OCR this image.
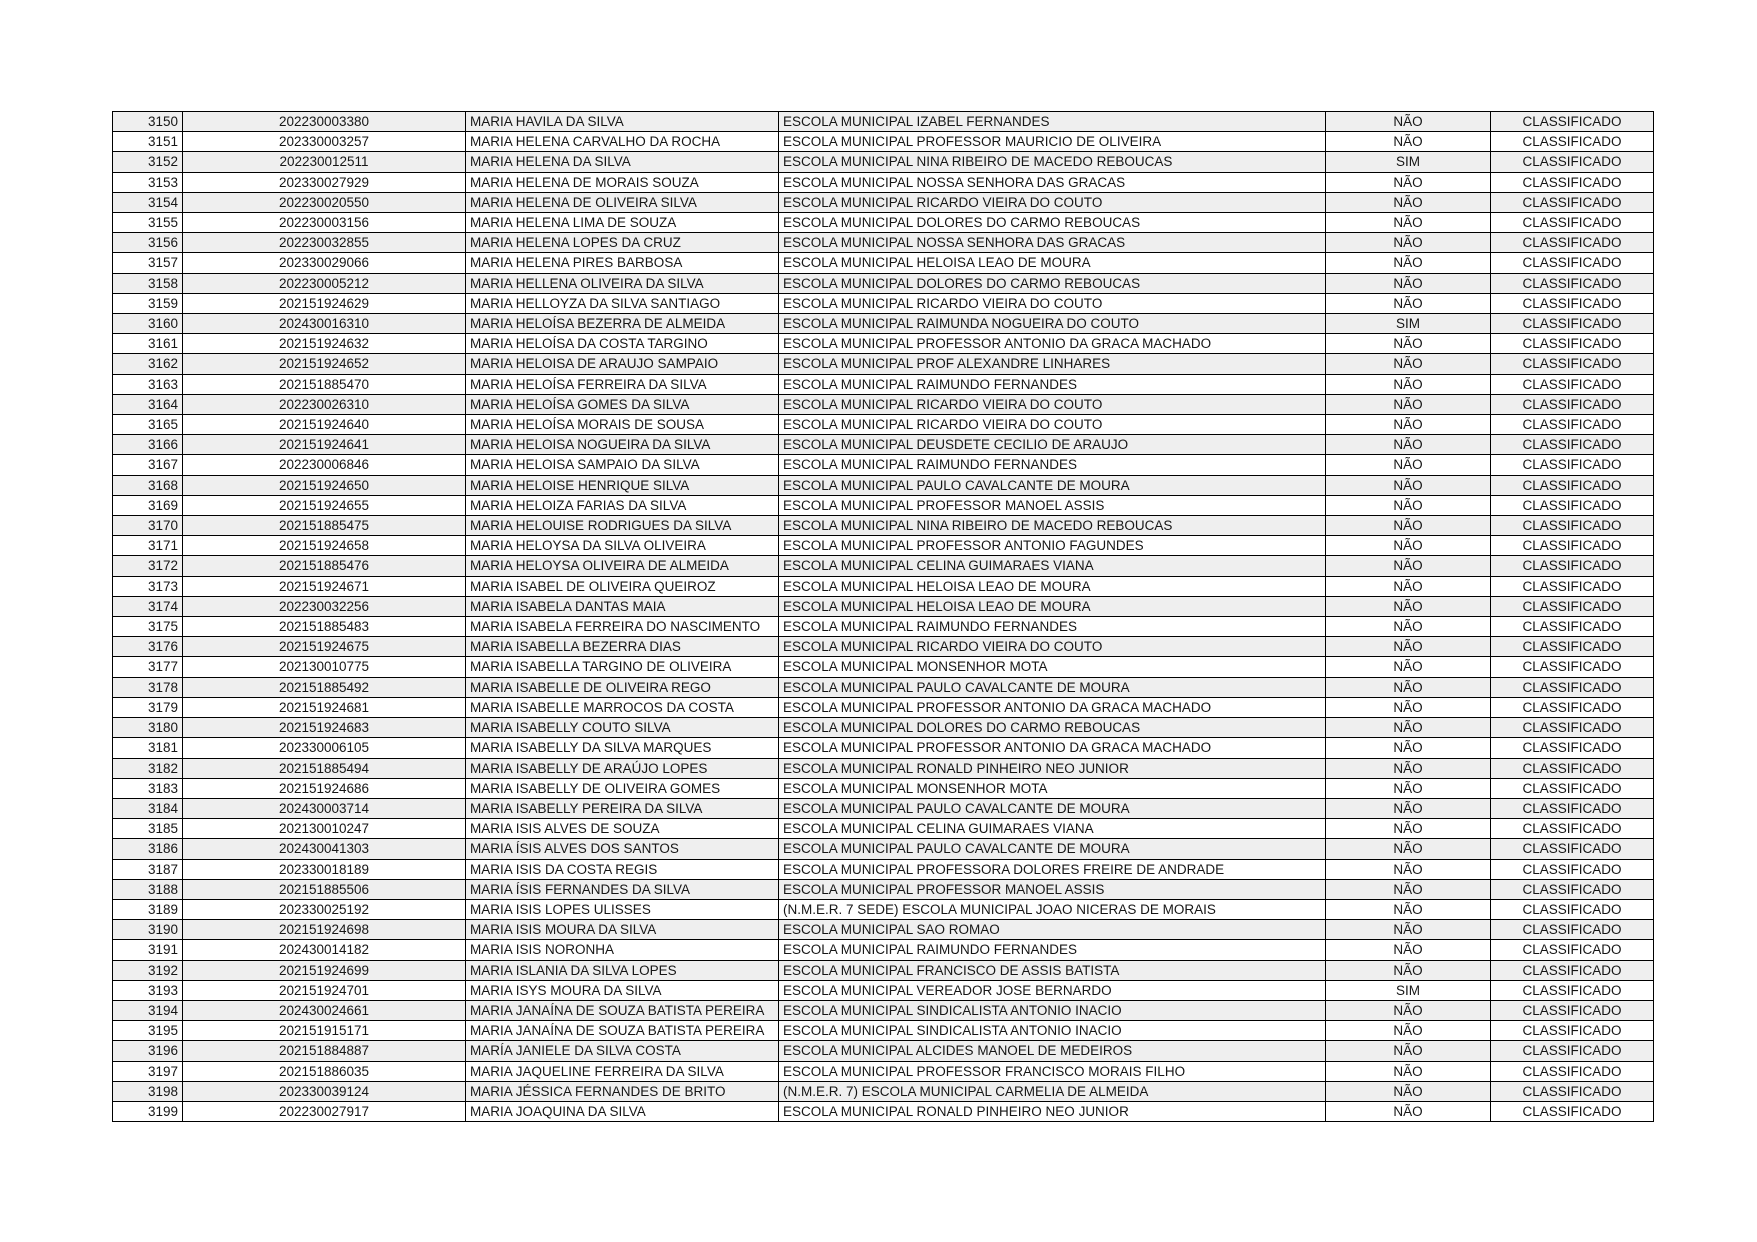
3150	202230003380	MARIA HAVILA DA SILVA	ESCOLA MUNICIPAL IZABEL FERNANDES	NÃO	CLASSIFICADO
3151	202330003257	MARIA HELENA CARVALHO DA ROCHA	ESCOLA MUNICIPAL PROFESSOR MAURICIO DE OLIVEIRA	NÃO	CLASSIFICADO
3152	202230012511	MARIA HELENA DA SILVA	ESCOLA MUNICIPAL NINA RIBEIRO DE MACEDO REBOUCAS	SIM	CLASSIFICADO
3153	202330027929	MARIA HELENA DE MORAIS SOUZA	ESCOLA MUNICIPAL NOSSA SENHORA DAS GRACAS	NÃO	CLASSIFICADO
3154	202230020550	MARIA HELENA DE OLIVEIRA SILVA	ESCOLA MUNICIPAL RICARDO VIEIRA DO COUTO	NÃO	CLASSIFICADO
3155	202230003156	MARIA HELENA LIMA DE SOUZA	ESCOLA MUNICIPAL DOLORES DO CARMO REBOUCAS	NÃO	CLASSIFICADO
3156	202230032855	MARIA HELENA LOPES DA CRUZ	ESCOLA MUNICIPAL NOSSA SENHORA DAS GRACAS	NÃO	CLASSIFICADO
3157	202330029066	MARIA HELENA PIRES BARBOSA	ESCOLA MUNICIPAL HELOISA LEAO DE MOURA	NÃO	CLASSIFICADO
3158	202230005212	MARIA HELLENA OLIVEIRA DA SILVA	ESCOLA MUNICIPAL DOLORES DO CARMO REBOUCAS	NÃO	CLASSIFICADO
3159	202151924629	MARIA HELLOYZA DA SILVA SANTIAGO	ESCOLA MUNICIPAL RICARDO VIEIRA DO COUTO	NÃO	CLASSIFICADO
3160	202430016310	MARIA HELOÍSA BEZERRA DE ALMEIDA	ESCOLA MUNICIPAL RAIMUNDA NOGUEIRA DO COUTO	SIM	CLASSIFICADO
3161	202151924632	MARIA HELOÍSA DA COSTA TARGINO	ESCOLA MUNICIPAL PROFESSOR ANTONIO DA GRACA MACHADO	NÃO	CLASSIFICADO
3162	202151924652	MARIA HELOISA DE ARAUJO SAMPAIO	ESCOLA MUNICIPAL PROF ALEXANDRE LINHARES	NÃO	CLASSIFICADO
3163	202151885470	MARIA HELOÍSA FERREIRA DA SILVA	ESCOLA MUNICIPAL RAIMUNDO FERNANDES	NÃO	CLASSIFICADO
3164	202230026310	MARIA HELOÍSA GOMES DA SILVA	ESCOLA MUNICIPAL RICARDO VIEIRA DO COUTO	NÃO	CLASSIFICADO
3165	202151924640	MARIA HELOÍSA MORAIS DE SOUSA	ESCOLA MUNICIPAL RICARDO VIEIRA DO COUTO	NÃO	CLASSIFICADO
3166	202151924641	MARIA HELOISA NOGUEIRA DA SILVA	ESCOLA MUNICIPAL DEUSDETE CECILIO DE ARAUJO	NÃO	CLASSIFICADO
3167	202230006846	MARIA HELOISA SAMPAIO DA SILVA	ESCOLA MUNICIPAL RAIMUNDO FERNANDES	NÃO	CLASSIFICADO
3168	202151924650	MARIA HELOISE HENRIQUE SILVA	ESCOLA MUNICIPAL PAULO CAVALCANTE DE MOURA	NÃO	CLASSIFICADO
3169	202151924655	MARIA HELOIZA FARIAS DA SILVA	ESCOLA MUNICIPAL PROFESSOR MANOEL ASSIS	NÃO	CLASSIFICADO
3170	202151885475	MARIA HELOUISE RODRIGUES DA SILVA	ESCOLA MUNICIPAL NINA RIBEIRO DE MACEDO REBOUCAS	NÃO	CLASSIFICADO
3171	202151924658	MARIA HELOYSA DA SILVA OLIVEIRA	ESCOLA MUNICIPAL PROFESSOR ANTONIO FAGUNDES	NÃO	CLASSIFICADO
3172	202151885476	MARIA HELOYSA OLIVEIRA DE ALMEIDA	ESCOLA MUNICIPAL CELINA GUIMARAES VIANA	NÃO	CLASSIFICADO
3173	202151924671	MARIA ISABEL DE OLIVEIRA QUEIROZ	ESCOLA MUNICIPAL HELOISA LEAO DE MOURA	NÃO	CLASSIFICADO
3174	202230032256	MARIA ISABELA DANTAS MAIA	ESCOLA MUNICIPAL HELOISA LEAO DE MOURA	NÃO	CLASSIFICADO
3175	202151885483	MARIA ISABELA FERREIRA DO NASCIMENTO	ESCOLA MUNICIPAL RAIMUNDO FERNANDES	NÃO	CLASSIFICADO
3176	202151924675	MARIA ISABELLA BEZERRA DIAS	ESCOLA MUNICIPAL RICARDO VIEIRA DO COUTO	NÃO	CLASSIFICADO
3177	202130010775	MARIA ISABELLA TARGINO DE OLIVEIRA	ESCOLA MUNICIPAL MONSENHOR MOTA	NÃO	CLASSIFICADO
3178	202151885492	MARIA ISABELLE DE OLIVEIRA REGO	ESCOLA MUNICIPAL PAULO CAVALCANTE DE MOURA	NÃO	CLASSIFICADO
3179	202151924681	MARIA ISABELLE MARROCOS DA COSTA	ESCOLA MUNICIPAL PROFESSOR ANTONIO DA GRACA MACHADO	NÃO	CLASSIFICADO
3180	202151924683	MARIA ISABELLY COUTO SILVA	ESCOLA MUNICIPAL DOLORES DO CARMO REBOUCAS	NÃO	CLASSIFICADO
3181	202330006105	MARIA ISABELLY DA SILVA MARQUES	ESCOLA MUNICIPAL PROFESSOR ANTONIO DA GRACA MACHADO	NÃO	CLASSIFICADO
3182	202151885494	MARIA ISABELLY DE ARAÚJO LOPES	ESCOLA MUNICIPAL RONALD PINHEIRO NEO JUNIOR	NÃO	CLASSIFICADO
3183	202151924686	MARIA ISABELLY DE OLIVEIRA GOMES	ESCOLA MUNICIPAL MONSENHOR MOTA	NÃO	CLASSIFICADO
3184	202430003714	MARIA ISABELLY PEREIRA DA SILVA	ESCOLA MUNICIPAL PAULO CAVALCANTE DE MOURA	NÃO	CLASSIFICADO
3185	202130010247	MARIA ISIS ALVES DE SOUZA	ESCOLA MUNICIPAL CELINA GUIMARAES VIANA	NÃO	CLASSIFICADO
3186	202430041303	MARIA ÍSIS ALVES DOS SANTOS	ESCOLA MUNICIPAL PAULO CAVALCANTE DE MOURA	NÃO	CLASSIFICADO
3187	202330018189	MARIA ISIS DA COSTA REGIS	ESCOLA MUNICIPAL PROFESSORA DOLORES FREIRE DE ANDRADE	NÃO	CLASSIFICADO
3188	202151885506	MARIA ÍSIS FERNANDES DA SILVA	ESCOLA MUNICIPAL PROFESSOR MANOEL ASSIS	NÃO	CLASSIFICADO
3189	202330025192	MARIA ISIS LOPES ULISSES	(N.M.E.R. 7 SEDE) ESCOLA MUNICIPAL JOAO NICERAS DE MORAIS	NÃO	CLASSIFICADO
3190	202151924698	MARIA ISIS MOURA DA SILVA	ESCOLA MUNICIPAL SAO ROMAO	NÃO	CLASSIFICADO
3191	202430014182	MARIA ISIS NORONHA	ESCOLA MUNICIPAL RAIMUNDO FERNANDES	NÃO	CLASSIFICADO
3192	202151924699	MARIA ISLANIA DA SILVA LOPES	ESCOLA MUNICIPAL FRANCISCO DE ASSIS BATISTA	NÃO	CLASSIFICADO
3193	202151924701	MARIA ISYS MOURA DA SILVA	ESCOLA MUNICIPAL VEREADOR JOSE BERNARDO	SIM	CLASSIFICADO
3194	202430024661	MARIA JANAÍNA DE SOUZA BATISTA PEREIRA	ESCOLA MUNICIPAL SINDICALISTA ANTONIO INACIO	NÃO	CLASSIFICADO
3195	202151915171	MARIA JANAÍNA DE SOUZA BATISTA PEREIRA	ESCOLA MUNICIPAL SINDICALISTA ANTONIO INACIO	NÃO	CLASSIFICADO
3196	202151884887	MARÍA JANIELE DA SILVA COSTA	ESCOLA MUNICIPAL ALCIDES MANOEL DE MEDEIROS	NÃO	CLASSIFICADO
3197	202151886035	MARIA JAQUELINE FERREIRA DA SILVA	ESCOLA MUNICIPAL PROFESSOR FRANCISCO MORAIS FILHO	NÃO	CLASSIFICADO
3198	202330039124	MARIA JÉSSICA FERNANDES DE BRITO	(N.M.E.R. 7) ESCOLA MUNICIPAL CARMELIA DE ALMEIDA	NÃO	CLASSIFICADO
3199	202230027917	MARIA JOAQUINA DA SILVA	ESCOLA MUNICIPAL RONALD PINHEIRO NEO JUNIOR	NÃO	CLASSIFICADO
